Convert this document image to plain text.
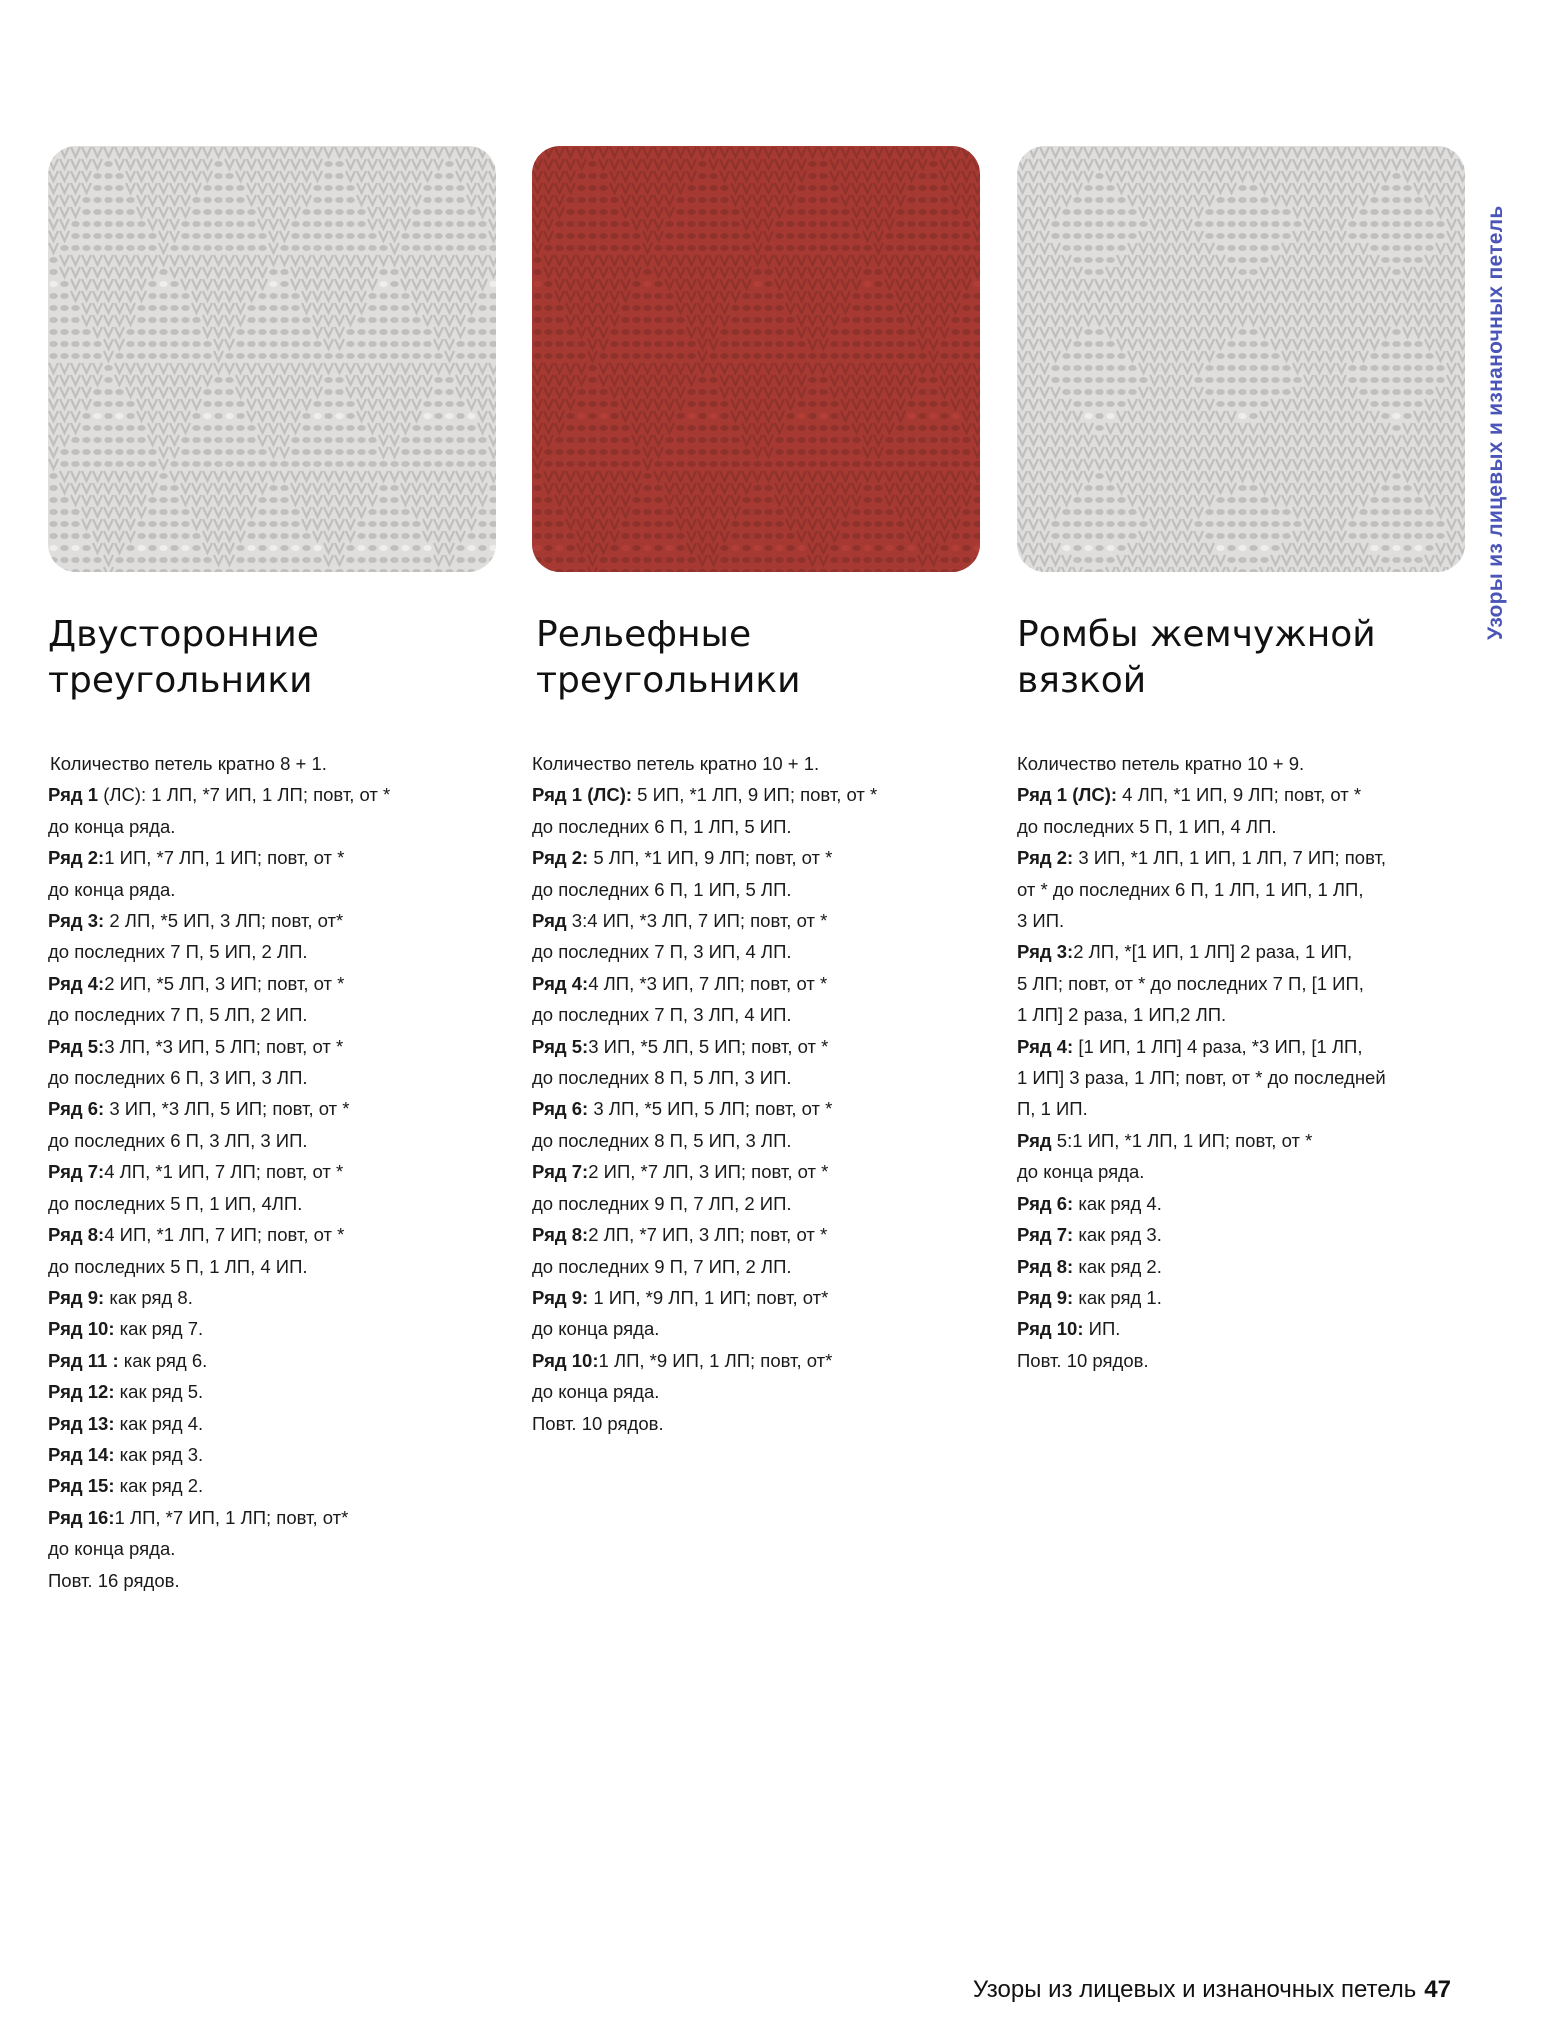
Узоры из лицевых и изнаночных петель
Двусторонние
треугольники
Количество петель кратно 8 + 1.
Ряд 1 (ЛС): 1 ЛП, *7 ИП, 1 ЛП; повт, от *
до конца ряда.
Ряд 2:1 ИП, *7 ЛП, 1 ИП; повт, от *
до конца ряда.
Ряд 3: 2 ЛП, *5 ИП, 3 ЛП; повт, от*
до последних 7 П, 5 ИП, 2 ЛП.
Ряд 4:2 ИП, *5 ЛП, 3 ИП; повт, от *
до последних 7 П, 5 ЛП, 2 ИП.
Ряд 5:3 ЛП, *3 ИП, 5 ЛП; повт, от *
до последних 6 П, 3 ИП, 3 ЛП.
Ряд 6: 3 ИП, *3 ЛП, 5 ИП; повт, от *
до последних 6 П, 3 ЛП, 3 ИП.
Ряд 7:4 ЛП, *1 ИП, 7 ЛП; повт, от *
до последних 5 П, 1 ИП, 4ЛП.
Ряд 8:4 ИП, *1 ЛП, 7 ИП; повт, от *
до последних 5 П, 1 ЛП, 4 ИП.
Ряд 9: как ряд 8.
Ряд 10: как ряд 7.
Ряд 11 : как ряд 6.
Ряд 12: как ряд 5.
Ряд 13: как ряд 4.
Ряд 14: как ряд 3.
Ряд 15: как ряд 2.
Ряд 16:1 ЛП, *7 ИП, 1 ЛП; повт, от*
до конца ряда.
Повт. 16 рядов.
Рельефные
треугольники
Количество петель кратно 10 + 1.
Ряд 1 (ЛС): 5 ИП, *1 ЛП, 9 ИП; повт, от *
до последних 6 П, 1 ЛП, 5 ИП.
Ряд 2: 5 ЛП, *1 ИП, 9 ЛП; повт, от *
до последних 6 П, 1 ИП, 5 ЛП.
Ряд 3:4 ИП, *3 ЛП, 7 ИП; повт, от *
до последних 7 П, 3 ИП, 4 ЛП.
Ряд 4:4 ЛП, *3 ИП, 7 ЛП; повт, от *
до последних 7 П, 3 ЛП, 4 ИП.
Ряд 5:3 ИП, *5 ЛП, 5 ИП; повт, от *
до последних 8 П, 5 ЛП, 3 ИП.
Ряд 6: 3 ЛП, *5 ИП, 5 ЛП; повт, от *
до последних 8 П, 5 ИП, 3 ЛП.
Ряд 7:2 ИП, *7 ЛП, 3 ИП; повт, от *
до последних 9 П, 7 ЛП, 2 ИП.
Ряд 8:2 ЛП, *7 ИП, 3 ЛП; повт, от *
до последних 9 П, 7 ИП, 2 ЛП.
Ряд 9: 1 ИП, *9 ЛП, 1 ИП; повт, от*
до конца ряда.
Ряд 10:1 ЛП, *9 ИП, 1 ЛП; повт, от*
до конца ряда.
Повт. 10 рядов.
Ромбы жемчужной
вязкой
Количество петель кратно 10 + 9.
Ряд 1 (ЛС): 4 ЛП, *1 ИП, 9 ЛП; повт, от *
до последних 5 П, 1 ИП, 4 ЛП.
Ряд 2: 3 ИП, *1 ЛП, 1 ИП, 1 ЛП, 7 ИП; повт,
от * до последних 6 П, 1 ЛП, 1 ИП, 1 ЛП,
3 ИП.
Ряд 3:2 ЛП, *[1 ИП, 1 ЛП] 2 раза, 1 ИП,
5 ЛП; повт, от * до последних 7 П, [1 ИП,
1 ЛП] 2 раза, 1 ИП,2 ЛП.
Ряд 4: [1 ИП, 1 ЛП] 4 раза, *3 ИП, [1 ЛП,
1 ИП] 3 раза, 1 ЛП; повт, от * до последней
П, 1 ИП.
Ряд 5:1 ИП, *1 ЛП, 1 ИП; повт, от *
до конца ряда.
Ряд 6: как ряд 4.
Ряд 7: как ряд 3.
Ряд 8: как ряд 2.
Ряд 9: как ряд 1.
Ряд 10: ИП.
Повт. 10 рядов.
Узоры из лицевых и изнаночных петель 47
